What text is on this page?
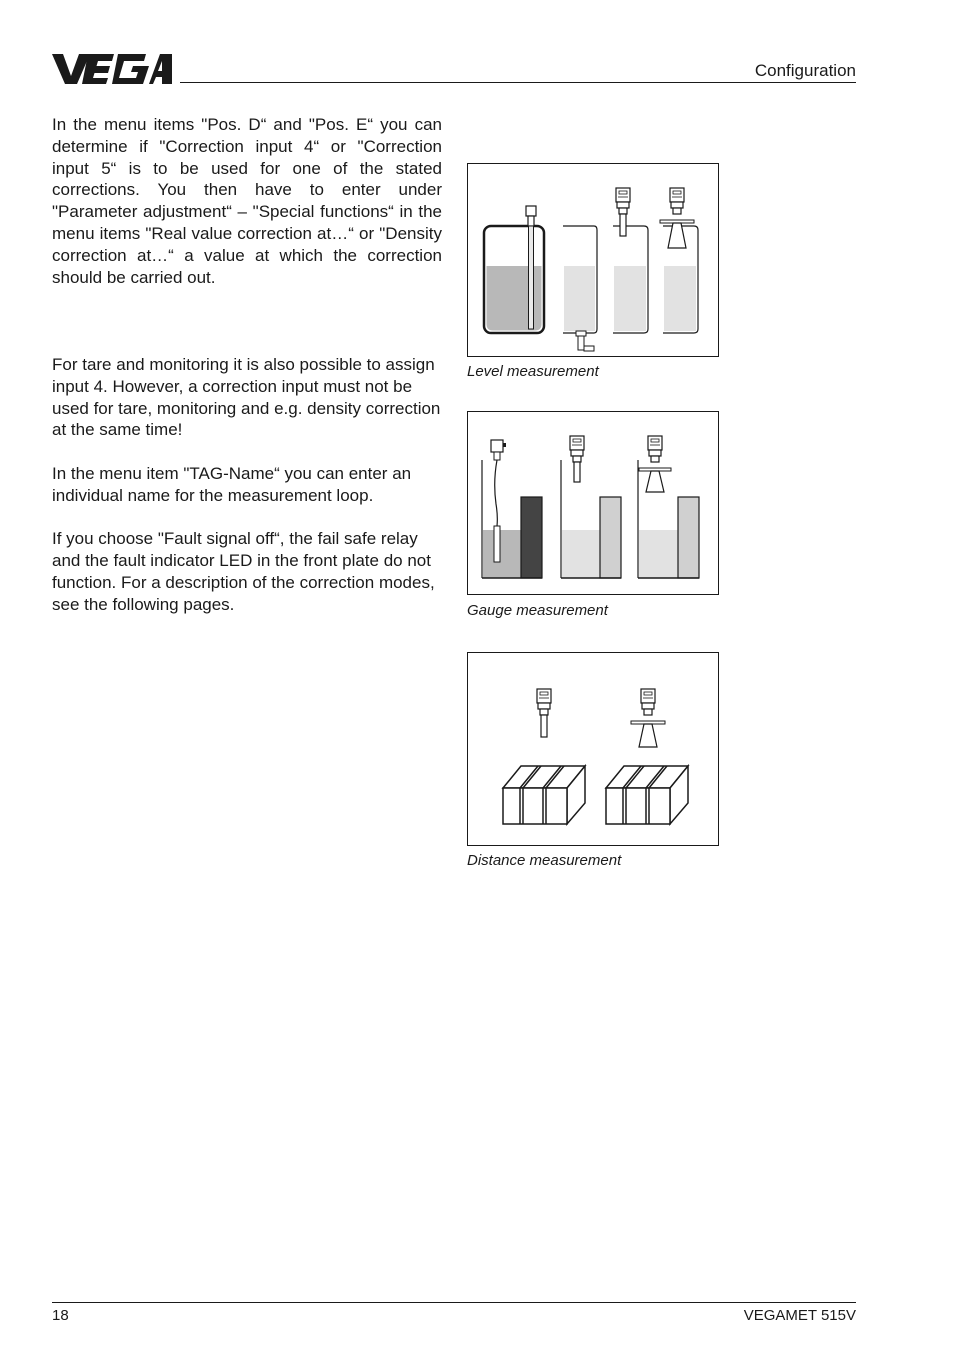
Configuration

In the menu items "Pos. D“ and "Pos. E“ you can determine if "Correction input 4“ or "Correction input 5“ is to be used for one of the stated corrections. You then have to enter under "Parameter adjustment“ – "Special functions“ in the menu items "Real value correction at…“ or "Density correction at…“ a value at which the correction should be carried out.

For tare and monitoring it is also possible to assign input 4. However, a correction input must not be used for tare, monitoring and e.g. density correction at the same time!

In the menu item "TAG-Name“ you can enter an individual name for the measurement loop.

If you choose "Fault signal off“, the fail safe relay and the fault indicator LED in the front plate do not function. For a description of the correction modes, see the following pages.

Level measurement
Gauge measurement
Distance measurement
18	VEGAMET 515V
